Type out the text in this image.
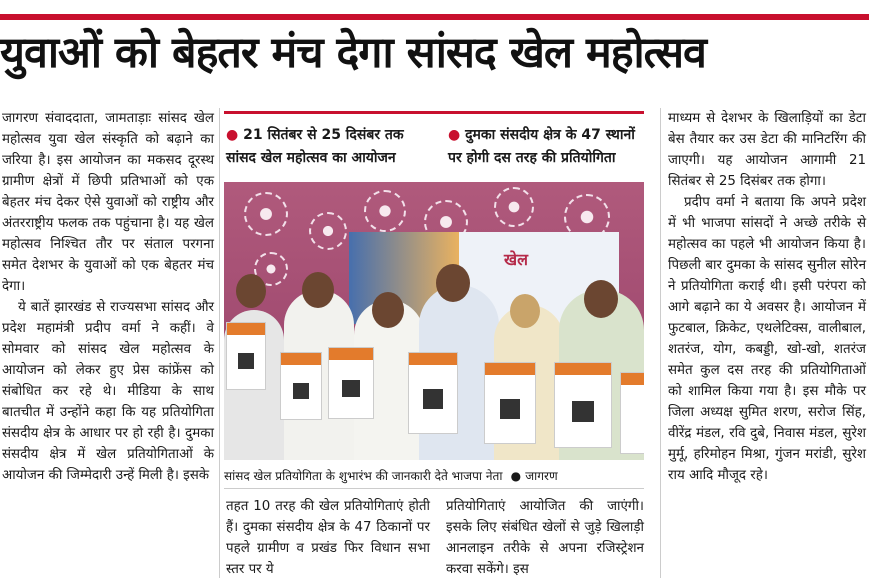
युवाओं को बेहतर मंच देगा सांसद खेल महोत्सव

जागरण संवाददाता, जामताड़ाः सांसद खेल महोत्सव युवा खेल संस्कृति को बढ़ाने का जरिया है। इस आयोजन का मकसद दूरस्थ ग्रामीण क्षेत्रों में छिपी प्रतिभाओं को एक बेहतर मंच देकर ऐसे युवाओं को राष्ट्रीय और अंतरराष्ट्रीय फलक तक पहुंचाना है। यह खेल महोत्सव निश्चित तौर पर संताल परगना समेत देशभर के युवाओं को एक बेहतर मंच देगा।

ये बातें झारखंड से राज्यसभा सांसद और प्रदेश महामंत्री प्रदीप वर्मा ने कहीं। वे सोमवार को सांसद खेल महोत्सव के आयोजन को लेकर हुए प्रेस कांफ्रेंस को संबोधित कर रहे थे। मीडिया के साथ बातचीत में उन्होंने कहा कि यह प्रतियोगिता संसदीय क्षेत्र के आधार पर हो रही है। दुमका संसदीय क्षेत्र में खेल प्रतियोगिताओं के आयोजन की जिम्मेदारी उन्हें मिली है। इसके

● 21 सितंबर से 25 दिसंबर तक सांसद खेल महोत्सव का आयोजन
● दुमका संसदीय क्षेत्र के 47 स्थानों पर होगी दस तरह की प्रतियोगिता
खेल
सांसद खेल प्रतियोगिता के शुभारंभ की जानकारी देते भाजपा नेता ● जागरण

तहत 10 तरह की खेल प्रतियोगिताएं होती हैं। दुमका संसदीय क्षेत्र के 47 ठिकानों पर पहले ग्रामीण व प्रखंड फिर विधान सभा स्तर पर ये

प्रतियोगिताएं आयोजित की जाएंगी। इसके लिए संबंधित खेलों से जुड़े खिलाड़ी आनलाइन तरीके से अपना रजिस्ट्रेशन करवा सकेंगे। इस

माध्यम से देशभर के खिलाड़ियों का डेटा बेस तैयार कर उस डेटा की मानिटरिंग की जाएगी। यह आयोजन आगामी 21 सितंबर से 25 दिसंबर तक होगा।

प्रदीप वर्मा ने बताया कि अपने प्रदेश में भी भाजपा सांसदों ने अच्छे तरीके से महोत्सव का पहले भी आयोजन किया है। पिछली बार दुमका के सांसद सुनील सोरेन ने प्रतियोगिता कराई थी। इसी परंपरा को आगे बढ़ाने का ये अवसर है। आयोजन में फुटबाल, क्रिकेट, एथलेटिक्स, वालीबाल, शतरंज, योग, कबड्डी, खो-खो, शतरंज समेत कुल दस तरह की प्रतियोगिताओं को शामिल किया गया है। इस मौके पर जिला अध्यक्ष सुमित शरण, सरोज सिंह, वीरेंद्र मंडल, रवि दुबे, निवास मंडल, सुरेश मुर्मू, हरिमोहन मिश्रा, गुंजन मरांडी, सुरेश राय आदि मौजूद रहे।
